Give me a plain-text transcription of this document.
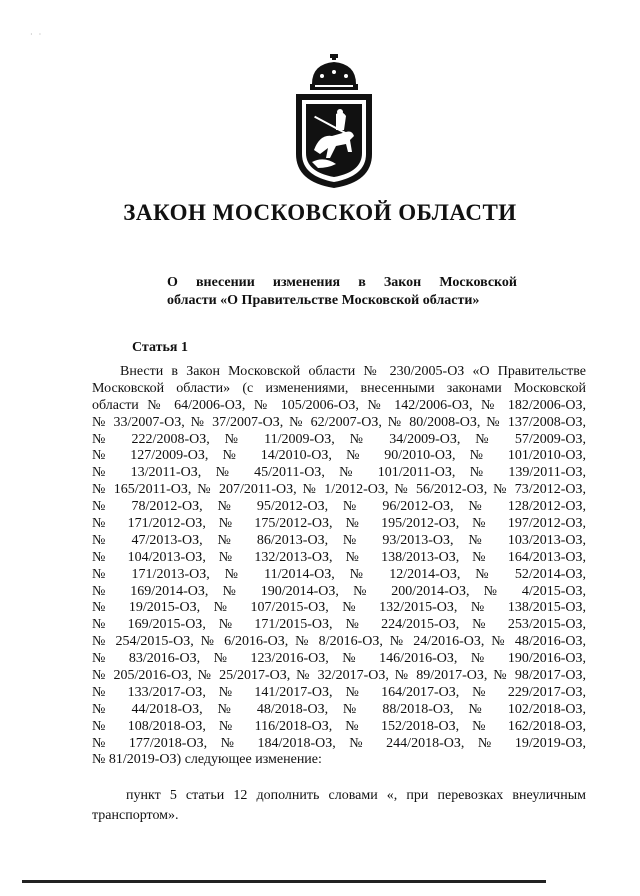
·   ·
ЗАКОН МОСКОВСКОЙ ОБЛАСТИ
О внесении изменения в Закон Московской
области «О Правительстве Московской области»
Статья 1
Внести в Закон Московской области № 230/2005-ОЗ «О Правительстве
Московской области» (с изменениями, внесенными законами Московской
области № 64/2006-ОЗ, № 105/2006-ОЗ, № 142/2006-ОЗ, № 182/2006-ОЗ,
№ 33/2007-ОЗ, № 37/2007-ОЗ, № 62/2007-ОЗ, № 80/2008-ОЗ, № 137/2008-ОЗ,
№ 222/2008-ОЗ, № 11/2009-ОЗ, № 34/2009-ОЗ, № 57/2009-ОЗ,
№ 127/2009-ОЗ, № 14/2010-ОЗ, № 90/2010-ОЗ, № 101/2010-ОЗ,
№ 13/2011-ОЗ, № 45/2011-ОЗ, № 101/2011-ОЗ, № 139/2011-ОЗ,
№ 165/2011-ОЗ, № 207/2011-ОЗ, № 1/2012-ОЗ, № 56/2012-ОЗ, № 73/2012-ОЗ,
№ 78/2012-ОЗ, № 95/2012-ОЗ, № 96/2012-ОЗ, № 128/2012-ОЗ,
№ 171/2012-ОЗ, № 175/2012-ОЗ, № 195/2012-ОЗ, № 197/2012-ОЗ,
№ 47/2013-ОЗ, № 86/2013-ОЗ, № 93/2013-ОЗ, № 103/2013-ОЗ,
№ 104/2013-ОЗ, № 132/2013-ОЗ, № 138/2013-ОЗ, № 164/2013-ОЗ,
№ 171/2013-ОЗ, № 11/2014-ОЗ, № 12/2014-ОЗ, № 52/2014-ОЗ,
№ 169/2014-ОЗ, № 190/2014-ОЗ, № 200/2014-ОЗ, № 4/2015-ОЗ,
№ 19/2015-ОЗ, № 107/2015-ОЗ, № 132/2015-ОЗ, № 138/2015-ОЗ,
№ 169/2015-ОЗ, № 171/2015-ОЗ, № 224/2015-ОЗ, № 253/2015-ОЗ,
№ 254/2015-ОЗ, № 6/2016-ОЗ, № 8/2016-ОЗ, № 24/2016-ОЗ, № 48/2016-ОЗ,
№ 83/2016-ОЗ, № 123/2016-ОЗ, № 146/2016-ОЗ, № 190/2016-ОЗ,
№ 205/2016-ОЗ, № 25/2017-ОЗ, № 32/2017-ОЗ, № 89/2017-ОЗ, № 98/2017-ОЗ,
№ 133/2017-ОЗ, № 141/2017-ОЗ, № 164/2017-ОЗ, № 229/2017-ОЗ,
№ 44/2018-ОЗ, № 48/2018-ОЗ, № 88/2018-ОЗ, № 102/2018-ОЗ,
№ 108/2018-ОЗ, № 116/2018-ОЗ, № 152/2018-ОЗ, № 162/2018-ОЗ,
№ 177/2018-ОЗ, № 184/2018-ОЗ, № 244/2018-ОЗ, № 19/2019-ОЗ,
№ 81/2019-ОЗ) следующее изменение:
пункт 5 статьи 12 дополнить словами «, при перевозках внеуличным
транспортом».
